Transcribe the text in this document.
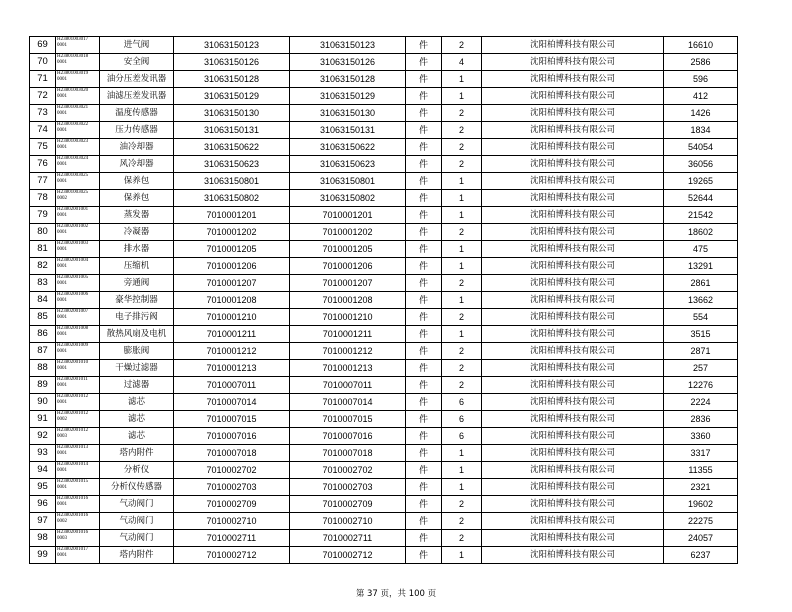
69	H23801003017 0001	进气阀	31063150123	31063150123	件	2	沈阳柏博科技有限公司	16610
70	H23801003018 0001	安全阀	31063150126	31063150126	件	4	沈阳柏博科技有限公司	2586
71	H23801003019 0001	油分压差发讯器	31063150128	31063150128	件	1	沈阳柏博科技有限公司	596
72	H23801003020 0001	油滤压差发讯器	31063150129	31063150129	件	1	沈阳柏博科技有限公司	412
73	H23801003021 0001	温度传感器	31063150130	31063150130	件	2	沈阳柏博科技有限公司	1426
74	H23801003022 0001	压力传感器	31063150131	31063150131	件	2	沈阳柏博科技有限公司	1834
75	H23801003023 0001	油冷却器	31063150622	31063150622	件	2	沈阳柏博科技有限公司	54054
76	H23801003024 0001	风冷却器	31063150623	31063150623	件	2	沈阳柏博科技有限公司	36056
77	H23801003025 0001	保养包	31063150801	31063150801	件	1	沈阳柏博科技有限公司	19265
78	H23801003025 0002	保养包	31063150802	31063150802	件	1	沈阳柏博科技有限公司	52644
79	H23802001001 0001	蒸发器	7010001201	7010001201	件	1	沈阳柏博科技有限公司	21542
80	H23802001002 0001	冷凝器	7010001202	7010001202	件	2	沈阳柏博科技有限公司	18602
81	H23802001003 0001	排水器	7010001205	7010001205	件	1	沈阳柏博科技有限公司	475
82	H23802001004 0001	压缩机	7010001206	7010001206	件	1	沈阳柏博科技有限公司	13291
83	H23802001005 0001	旁通阀	7010001207	7010001207	件	2	沈阳柏博科技有限公司	2861
84	H23802001006 0001	豪华控制器	7010001208	7010001208	件	1	沈阳柏博科技有限公司	13662
85	H23802001007 0001	电子排污阀	7010001210	7010001210	件	2	沈阳柏博科技有限公司	554
86	H23802001008 0001	散热风扇及电机	7010001211	7010001211	件	1	沈阳柏博科技有限公司	3515
87	H23802001009 0001	膨胀阀	7010001212	7010001212	件	2	沈阳柏博科技有限公司	2871
88	H23802001010 0001	干燥过滤器	7010001213	7010001213	件	2	沈阳柏博科技有限公司	257
89	H23802001011 0001	过滤器	7010007011	7010007011	件	2	沈阳柏博科技有限公司	12276
90	H23802001012 0001	滤芯	7010007014	7010007014	件	6	沈阳柏博科技有限公司	2224
91	H23802001012 0002	滤芯	7010007015	7010007015	件	6	沈阳柏博科技有限公司	2836
92	H23802001012 0003	滤芯	7010007016	7010007016	件	6	沈阳柏博科技有限公司	3360
93	H23802001013 0001	塔内附件	7010007018	7010007018	件	1	沈阳柏博科技有限公司	3317
94	H23802001014 0001	分析仪	7010002702	7010002702	件	1	沈阳柏博科技有限公司	11355
95	H23802001015 0001	分析仪传感器	7010002703	7010002703	件	1	沈阳柏博科技有限公司	2321
96	H23802001016 0001	气动阀门	7010002709	7010002709	件	2	沈阳柏博科技有限公司	19602
97	H23802001016 0002	气动阀门	7010002710	7010002710	件	2	沈阳柏博科技有限公司	22275
98	H23802001016 0003	气动阀门	7010002711	7010002711	件	2	沈阳柏博科技有限公司	24057
99	H23802001017 0001	塔内附件	7010002712	7010002712	件	1	沈阳柏博科技有限公司	6237
第 37 页，共 100 页
